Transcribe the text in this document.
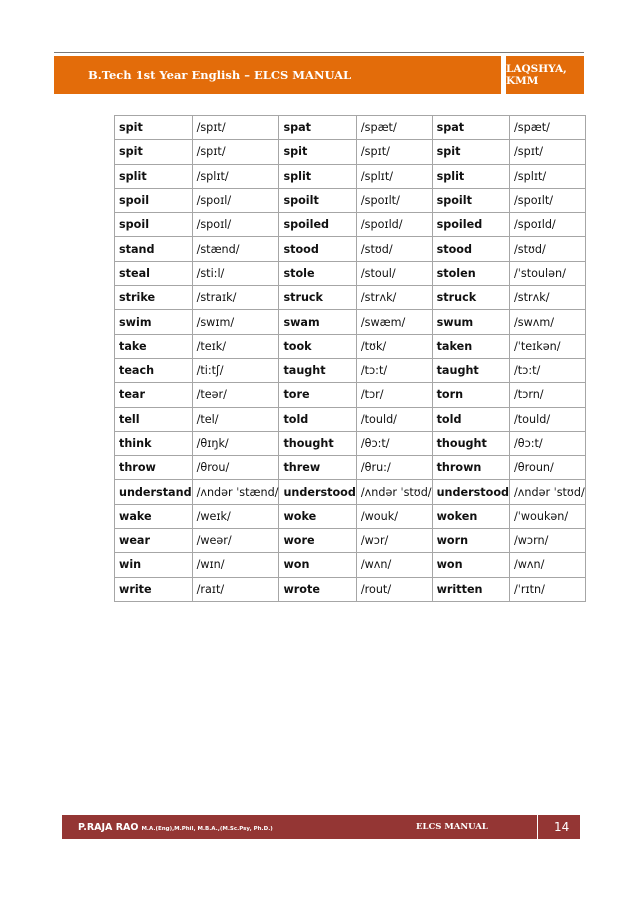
B.Tech 1st Year English – ELCS MANUAL	LAQSHYA, KMM
spit	/spɪt/	spat	/spæt/	spat	/spæt/
spit	/spɪt/	spit	/spɪt/	spit	/spɪt/
split	/splɪt/	split	/splɪt/	split	/splɪt/
spoil	/spoɪl/	spoilt	/spoɪlt/	spoilt	/spoɪlt/
spoil	/spoɪl/	spoiled	/spoɪld/	spoiled	/spoɪld/
stand	/stænd/	stood	/stʊd/	stood	/stʊd/
steal	/sti:l/	stole	/stoul/	stolen	/ˈstoulən/
strike	/straɪk/	struck	/strʌk/	struck	/strʌk/
swim	/swɪm/	swam	/swæm/	swum	/swʌm/
take	/teɪk/	took	/tʊk/	taken	/ˈteɪkən/
teach	/ti:tʃ/	taught	/tɔ:t/	taught	/tɔ:t/
tear	/teər/	tore	/tɔr/	torn	/tɔrn/
tell	/tel/	told	/tould/	told	/tould/
think	/θɪŋk/	thought	/θɔ:t/	thought	/θɔ:t/
throw	/θrou/	threw	/θru:/	thrown	/θroun/
understand	/ʌndər ˈstænd/	understood	/ʌndər ˈstʊd/	understood	/ʌndər ˈstʊd/
wake	/weɪk/	woke	/wouk/	woken	/ˈwoukən/
wear	/weər/	wore	/wɔr/	worn	/wɔrn/
win	/wɪn/	won	/wʌn/	won	/wʌn/
write	/raɪt/	wrote	/rout/	written	/ˈrɪtn/
P.RAJA RAO M.A.(Eng),M.Phil, M.B.A.,(M.Sc.Psy, Ph.D.)	ELCS MANUAL	14
